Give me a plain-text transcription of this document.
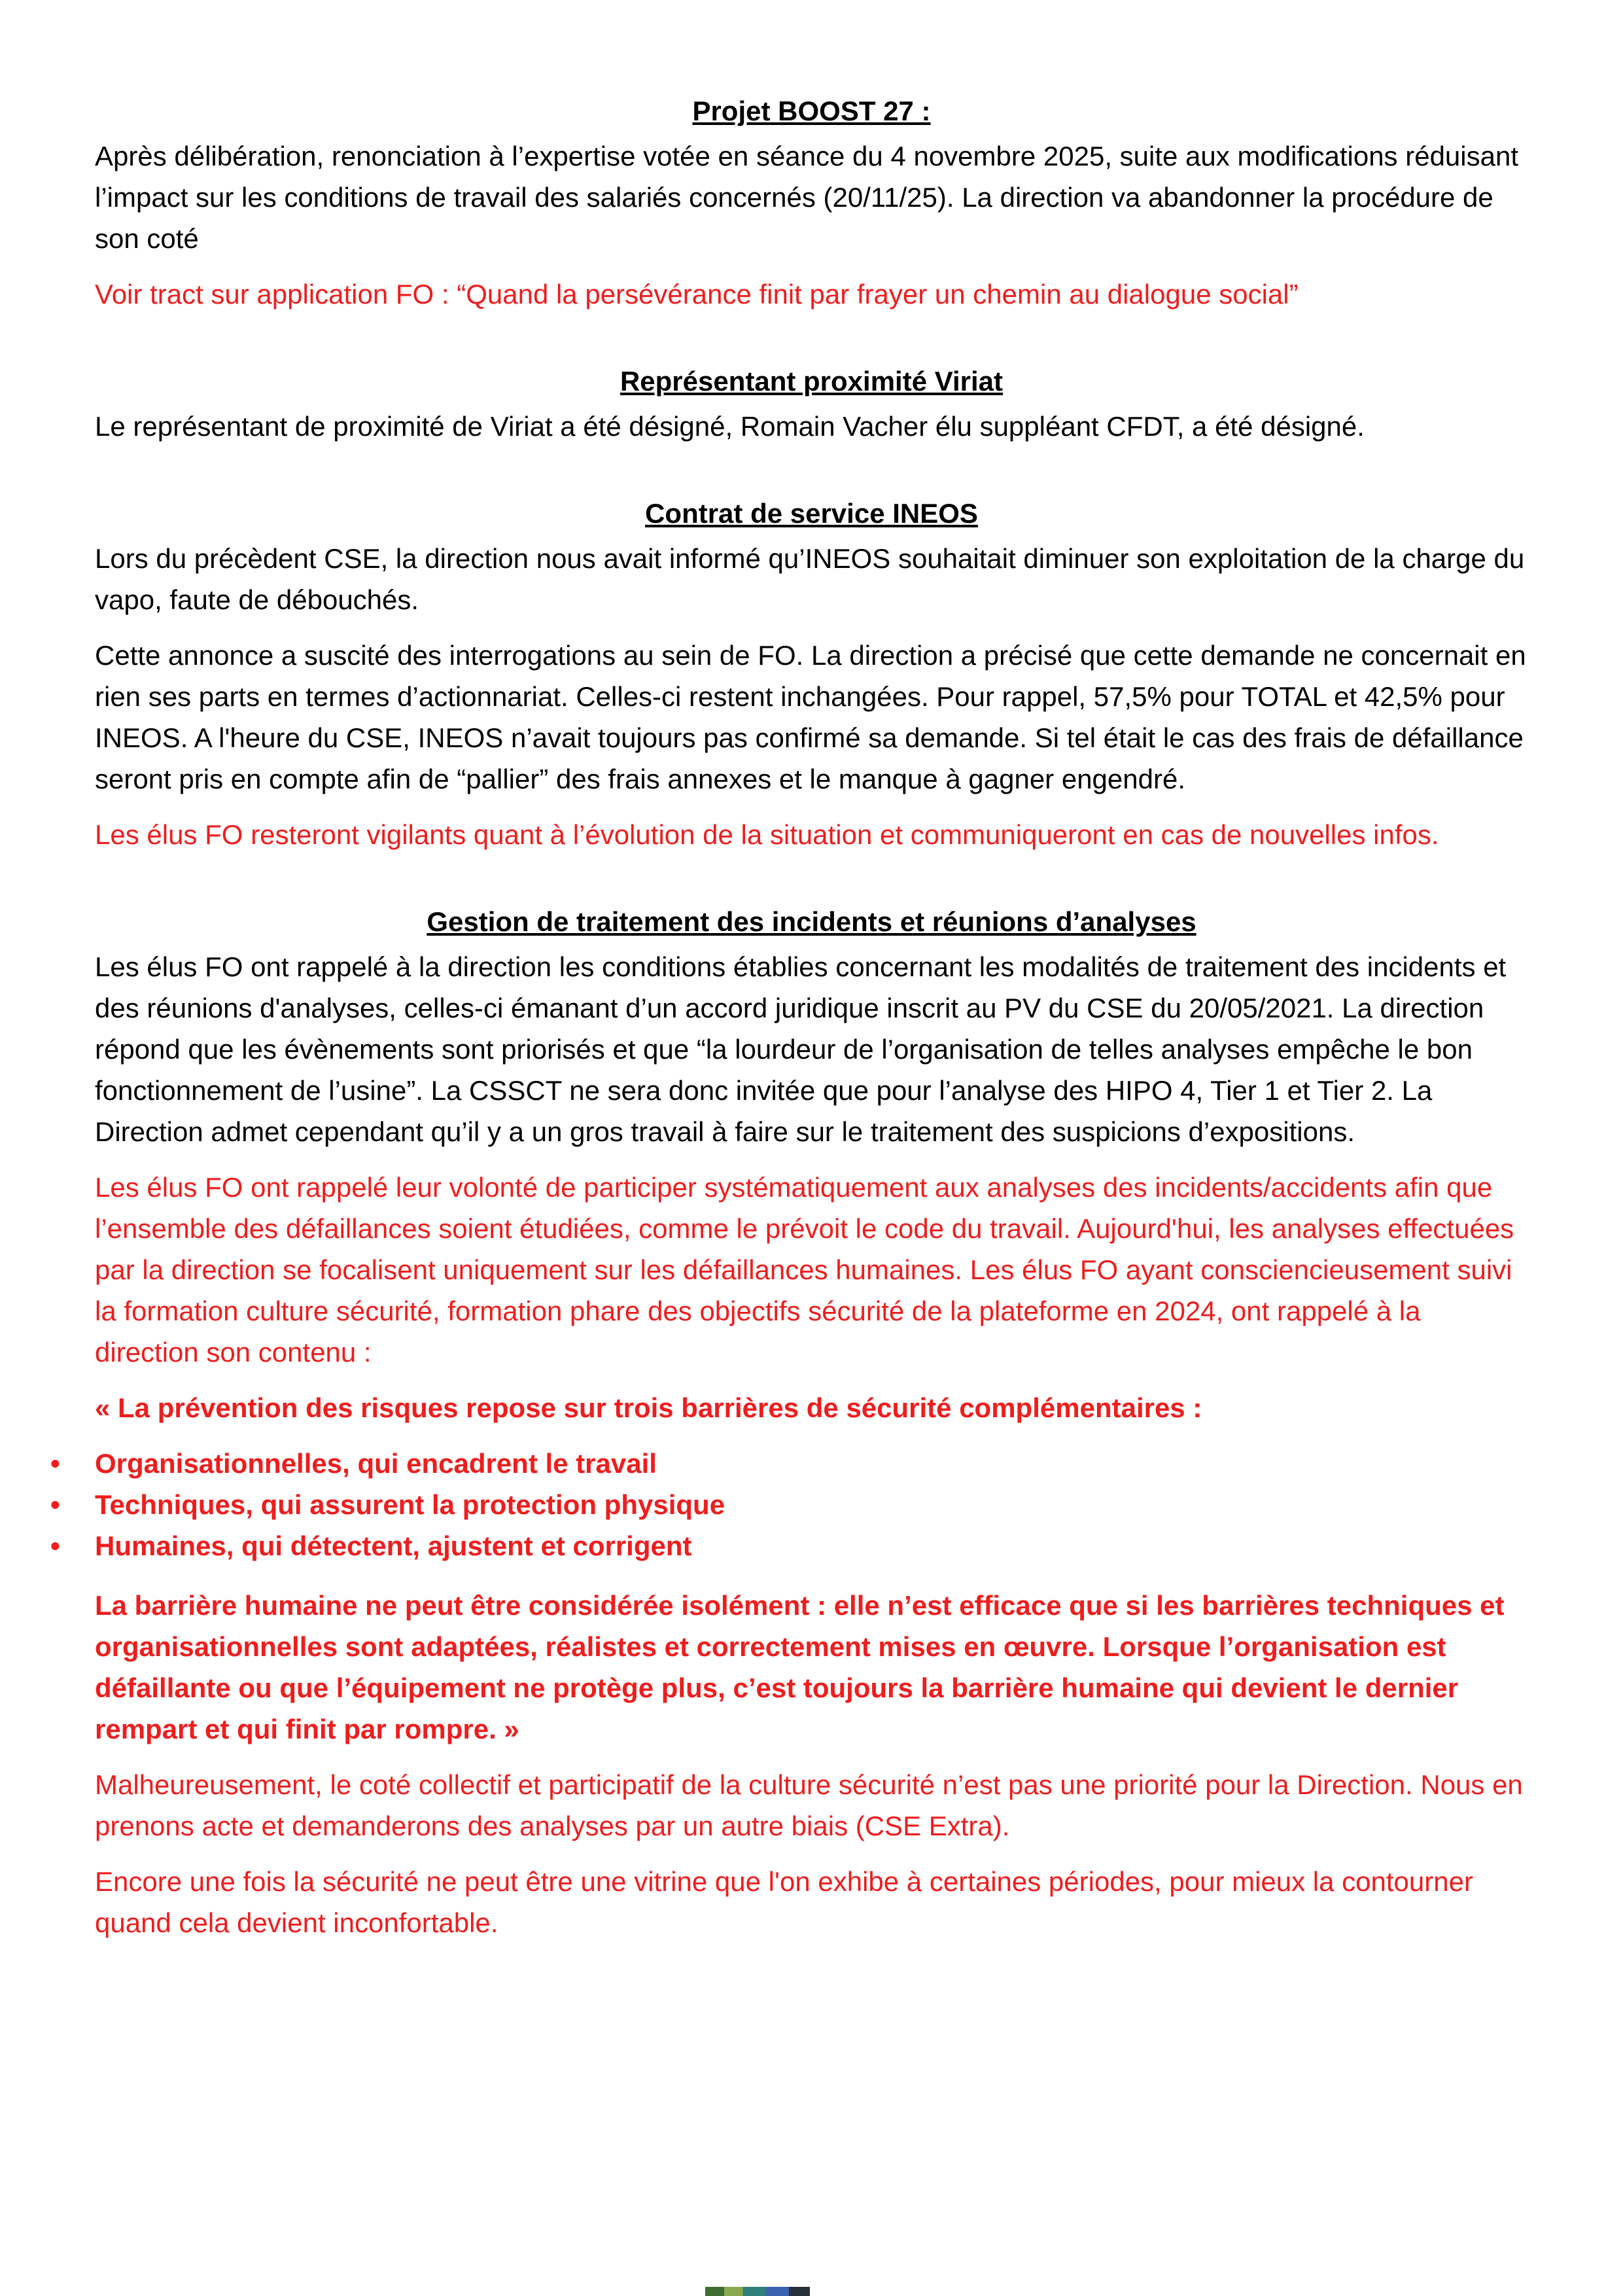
Projet BOOST 27 :

Après délibération, renonciation à l’expertise votée en séance du 4 novembre 2025, suite aux modifications réduisant l’impact sur les conditions de travail des salariés concernés (20/11/25). La direction va abandonner la procédure de son coté

Voir tract sur application FO : “Quand la persévérance finit par frayer un chemin au dialogue social”

Représentant proximité Viriat

Le représentant de proximité de Viriat a été désigné, Romain Vacher élu suppléant CFDT, a été désigné.

Contrat de service INEOS

Lors du précèdent CSE, la direction nous avait informé qu’INEOS souhaitait diminuer son exploitation de la charge du vapo, faute de débouchés.

Cette annonce a suscité des interrogations au sein de FO. La direction a précisé que cette demande ne concernait en rien ses parts en termes d’actionnariat. Celles-ci restent inchangées. Pour rappel, 57,5% pour TOTAL et 42,5% pour INEOS. A l'heure du CSE, INEOS n’avait toujours pas confirmé sa demande. Si tel était le cas des frais de défaillance seront pris en compte afin de “pallier” des frais annexes et le manque à gagner engendré.

Les élus FO resteront vigilants quant à l’évolution de la situation et communiqueront en cas de nouvelles infos.

Gestion de traitement des incidents et réunions d’analyses

Les élus FO ont rappelé à la direction les conditions établies concernant les modalités de traitement des incidents et des réunions d'analyses, celles-ci émanant d’un accord juridique inscrit au PV du CSE du 20/05/2021. La direction répond que les évènements sont priorisés et que “la lourdeur de l’organisation de telles analyses empêche le bon fonctionnement de l’usine”. La CSSCT ne sera donc invitée que pour l’analyse des HIPO 4, Tier 1 et Tier 2. La Direction admet cependant qu’il y a un gros travail à faire sur le traitement des suspicions d’expositions.

Les élus FO ont rappelé leur volonté de participer systématiquement aux analyses des incidents/accidents afin que l’ensemble des défaillances soient étudiées, comme le prévoit le code du travail. Aujourd'hui, les analyses effectuées par la direction se focalisent uniquement sur les défaillances humaines. Les élus FO ayant consciencieusement suivi la formation culture sécurité, formation phare des objectifs sécurité de la plateforme en 2024, ont rappelé à la direction son contenu :

« La prévention des risques repose sur trois barrières de sécurité complémentaires :

• Organisationnelles, qui encadrent le travail
• Techniques, qui assurent la protection physique
• Humaines, qui détectent, ajustent et corrigent

La barrière humaine ne peut être considérée isolément : elle n’est efficace que si les barrières techniques et organisationnelles sont adaptées, réalistes et correctement mises en œuvre. Lorsque l’organisation est défaillante ou que l’équipement ne protège plus, c’est toujours la barrière humaine qui devient le dernier rempart et qui finit par rompre. »

Malheureusement, le coté collectif et participatif de la culture sécurité n’est pas une priorité pour la Direction. Nous en prenons acte et demanderons des analyses par un autre biais (CSE Extra).

Encore une fois la sécurité ne peut être une vitrine que l'on exhibe à certaines périodes, pour mieux la contourner quand cela devient inconfortable.
